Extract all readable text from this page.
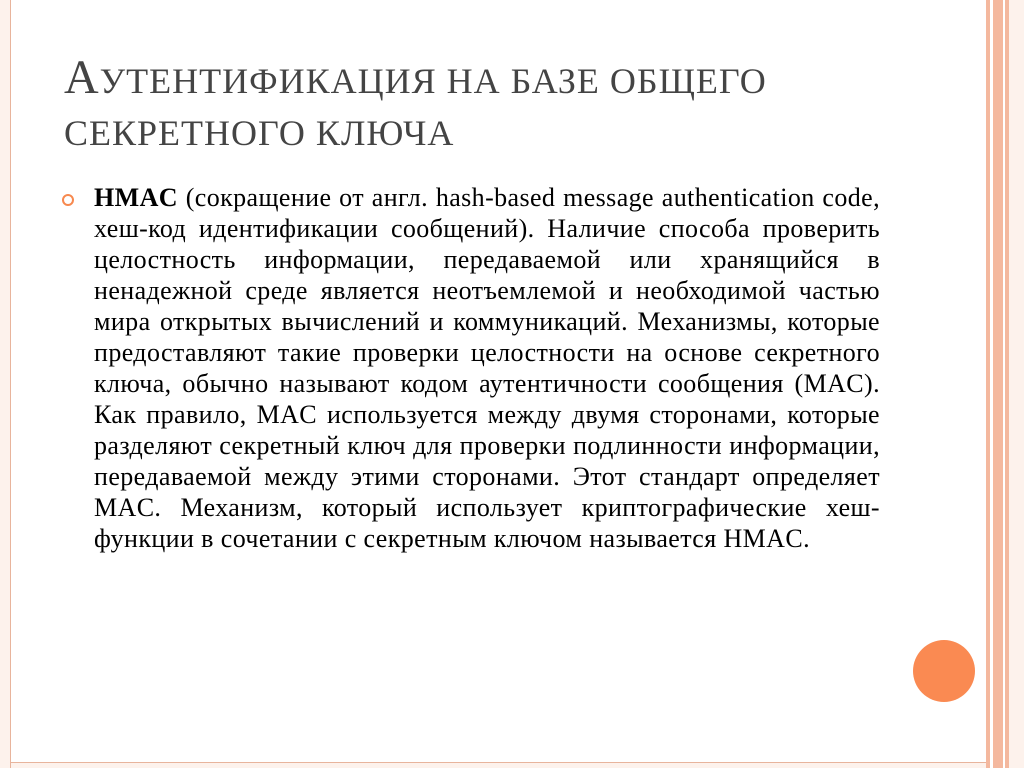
АУТЕНТИФИКАЦИЯ НА БАЗЕ ОБЩЕГО
СЕКРЕТНОГО КЛЮЧА

HMAC (сокращение от англ. hash-based message authentication code, хеш-код идентификации сообщений). Наличие способа проверить целостность информации, передаваемой или хранящийся в ненадежной среде является неотъемлемой и необходимой частью мира открытых вычислений и коммуникаций. Механизмы, которые предоставляют такие проверки целостности на основе секретного ключа, обычно называют кодом аутентичности сообщения (MAC). Как правило, MAC используется между двумя сторонами, которые разделяют секретный ключ для проверки подлинности информации, передаваемой между этими сторонами. Этот стандарт определяет MAC. Механизм, который использует криптографические хеш-функции в сочетании с секретным ключом называется HMAC.
